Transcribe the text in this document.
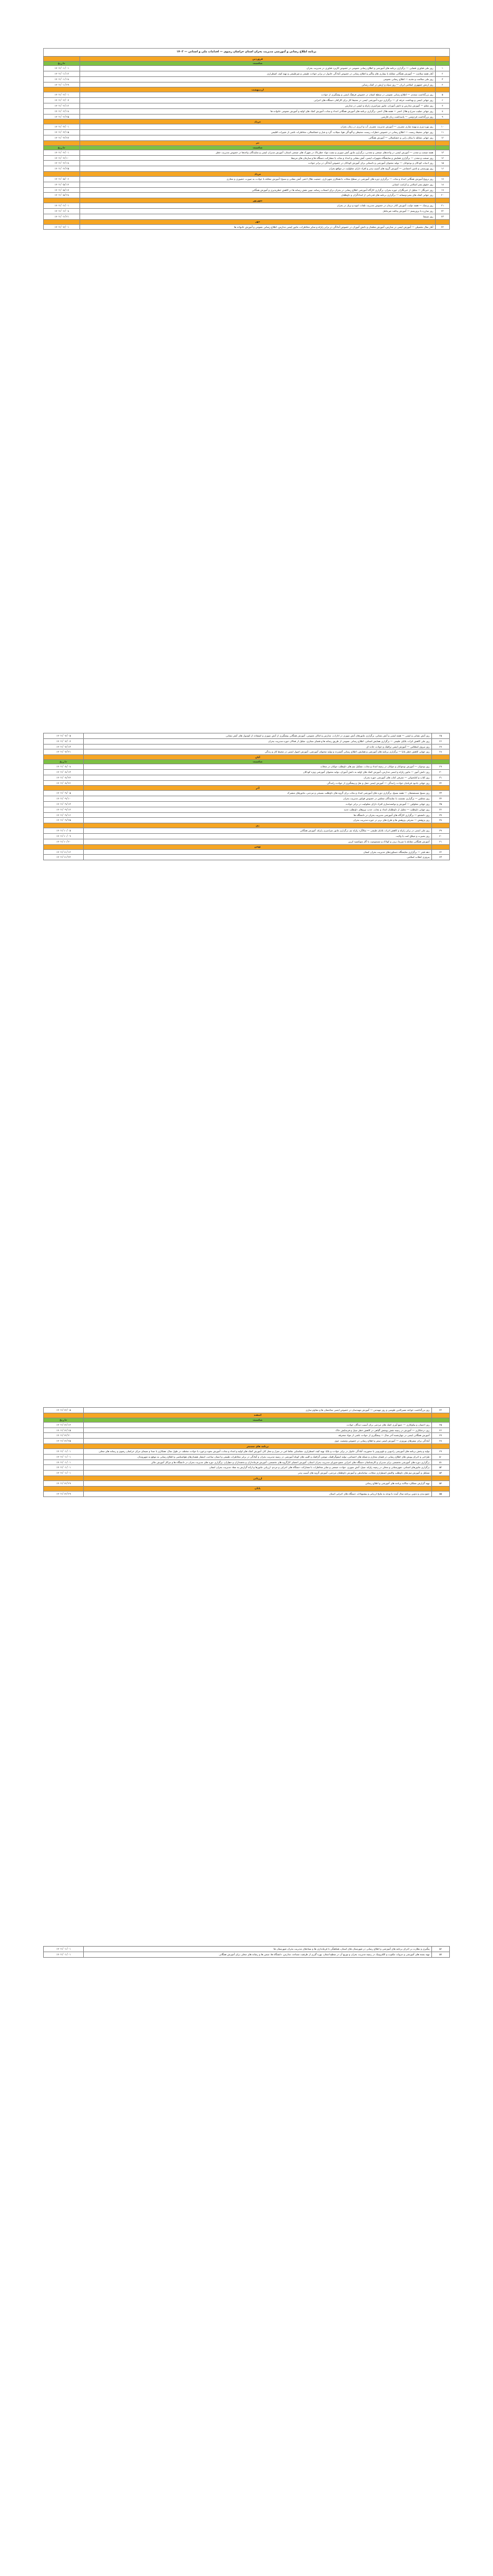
برنامه اطلاع رسانی و آموزشی مدیریت بحران استان خراسان رضوی — اقدامات ملی و استانی — ۱۴۰۲
	فروردین	
	مناسبت	تاریخ
۱	روز ملی فناوری فضایی — برگزاری برنامه های آموزشی و اطلاع رسانی عمومی در خصوص کاربرد فناوری در مدیریت بحران	۱۴۰۲/۰۱/۰۱
۲	آغاز هفته سلامت — آموزش همگانی مقابله با بیماری های واگیر و اطلاع رسانی در خصوص آمادگی خانوار در برابر حوادث طبیعی و غیرطبیعی و تهیه کیف اضطراری	۱۴۰۲/۰۱/۱۲
۳	روز ملی سلامت و تغذیه — اطلاع رسانی عمومی	۱۴۰۲/۰۱/۱۸
۴	روز ارتش جمهوری اسلامی ایران — روز سپاه و ارتش در کمک رسانی	۱۴۰۲/۰۱/۲۹
	اردیبهشت	
۵	روز بزرگداشت سعدی — اطلاع رسانی عمومی در سطح استان در خصوص فرهنگ ایمنی و پیشگیری از حوادث	۱۴۰۲/۰۲/۰۱
۶	روز جهانی ایمنی و بهداشت حرفه ای — برگزاری دوره آموزشی ایمنی در محیط کار برای کارکنان دستگاه های اجرایی	۱۴۰۲/۰۲/۰۷
۷	روز معلم — آموزش مدارس و دانش آموزان، مانور سراسری زلزله و ایمنی در مدارس	۱۴۰۲/۰۲/۱۲
۸	روز جهانی صلیب سرخ و هلال احمر — هفته هلال احمر، برگزاری برنامه های آموزش همگانی امداد و نجات، آموزش کمک های اولیه و آموزش عمومی خانواده ها	۱۴۰۲/۰۲/۱۸
۹	روز بزرگداشت فردوسی — پاسداشت زبان فارسی	۱۴۰۲/۰۲/۲۵
	خرداد	
۱۰	روز بهره وری و بهینه سازی مصرف — آموزش مدیریت مصرف آب و انرژی در زمان بحران	۱۴۰۲/۰۳/۰۱
۱۱	روز جهانی محیط زیست — اطلاع رسانی در خصوص خطرات زیست محیطی و آلودگی هوا، سیلاب، گرد و غبار و خشکسالی، مخاطرات ناشی از تغییرات اقلیمی	۱۴۰۲/۰۳/۱۵
۱۲	روز جهانی مقابله با بیابان زایی و خشکسالی — آموزش همگانی	۱۴۰۲/۰۳/۲۷
	تیر	
	مناسبت	تاریخ
۱۳	هفته صنعت و معدن — آموزش ایمنی در واحدهای صنعتی و معدنی، برگزاری مانور آتش سوزی و نشت مواد خطرناک در شهرک های صنعتی استان، آموزش مدیران ایمنی و نمایندگان واحدها در خصوص مدیریت خطر	۱۴۰۲/۰۴/۰۱
۱۴	روز صنعت و معدن — برگزاری همایش و نمایشگاه تجهیزات ایمنی، آتش نشانی و امداد و نجات با مشارکت دستگاه ها و سازمان های مرتبط	۱۴۰۲/۰۴/۱۰
۱۵	روز ادبیات کودکان و نوجوانان — تولید محتوای آموزشی و داستانی برای آموزش کودکان در خصوص آمادگی در برابر حوادث	۱۴۰۲/۰۴/۱۸
۱۶	روز بهزیستی و تامین اجتماعی — آموزش گروه های آسیب پذیر و افراد دارای معلولیت در مواقع بحران	۱۴۰۲/۰۴/۲۵
	مرداد	
۱۷	روز ترویج آموزش همگانی امداد و نجات — برگزاری دوره های آموزشی در سطح محلات با همکاری شهرداری، جمعیت هلال احمر، آتش نشانی و بسیج؛ آموزش مقابله با حوادث به صورت حضوری و مجازی	۱۴۰۲/۰۵/۰۶
۱۸	روز حقوق بشر اسلامی و کرامت انسانی	۱۴۰۲/۰۵/۱۴
۱۹	روز خبرنگار — تجلیل از خبرنگاران حوزه بحران، برگزاری کارگاه آموزشی اطلاع رسانی در بحران برای اصحاب رسانه، تبیین نقش رسانه ها در کاهش خطرپذیری و آموزش همگانی	۱۴۰۲/۰۵/۱۷
۲۰	روز جهانی کمک های بشردوستانه — برگزاری برنامه های قدردانی از امدادگران و داوطلبان	۱۴۰۲/۰۵/۲۸
	شهریور	
۲۱	روز پزشک — هفته دولت، آموزش کادر درمان در خصوص مدیریت تلفات انبوه و تریاژ در بحران	۱۴۰۲/۰۶/۰۱
۲۲	روز مبارزه با تروریسم — آموزش پدافند غیرعامل	۱۴۰۲/۰۶/۰۸
۲۳	روز سینما	۱۴۰۲/۰۶/۲۱
	مهر	
۲۴	آغاز سال تحصیلی — آموزش ایمنی در مدارس، آموزش معلمان و دانش آموزان در خصوص آمادگی در برابر زلزله و سایر مخاطرات، مانور ایمنی مدارس، اطلاع رسانی عمومی و آموزش خانواده ها	۱۴۰۲/۰۷/۰۱
۲۵	روز آتش نشانی و ایمنی — هفته ایمنی و آتش نشانی، برگزاری مانورهای آتش سوزی در ادارات، مدارس و اماکن عمومی، آموزش همگانی پیشگیری از آتش سوزی و استفاده از کپسول های آتش نشانی	۱۴۰۲/۰۷/۰۵
۲۶	روز ملی کاهش اثرات بلایای طبیعی — برگزاری همایش استانی، اطلاع رسانی عمومی از طریق رسانه ها و فضای مجازی، تجلیل از فعالان حوزه مدیریت بحران	۱۴۰۲/۰۷/۰۷
۲۷	روز نیروی انتظامی — آموزش ایمنی ترافیک و حوادث جاده ای	۱۴۰۲/۰۷/۱۳
۲۸	روز جهانی کاهش خطر بلایا — برگزاری برنامه های آموزشی و همایش، اطلاع رسانی گسترده و تولید محتوای آموزشی، آموزش اصول ایمنی در محیط کار و زندگی	۱۴۰۲/۰۷/۲۱
	آبان	
	مناسبت	تاریخ
۲۹	روز نوجوان — آموزش نوجوانان و جوانان در زمینه امداد و نجات، تشکیل تیم های داوطلب جوانان در محلات	۱۴۰۲/۰۸/۰۸
۳۰	روز دانش آموز — مانور زلزله و ایمنی مدارس، آموزش کمک های اولیه به دانش آموزان، تولید محتوای آموزشی ویژه کودکان	۱۴۰۲/۰۸/۱۳
۳۱	روز کتاب و کتابخوانی — معرفی کتاب های آموزشی حوزه بحران	۱۴۰۲/۰۸/۲۴
۳۲	روز جهانی یادبود قربانیان حوادث رانندگی — آموزش ایمنی حمل و نقل و پیشگیری از حوادث رانندگی	۱۴۰۲/۰۸/۲۶
	آذر	
۳۳	روز بسیج مستضعفان — هفته بسیج، برگزاری دوره های آموزشی امداد و نجات برای گروه های داوطلب بسیجی و مردمی، مانورهای مشترک	۱۴۰۲/۰۹/۰۵
۳۴	روز مجلس — برگزاری نشست با نمایندگان مجلس در خصوص قوانین مدیریت بحران	۱۴۰۲/۰۹/۱۰
۳۵	روز جهانی معلولین — آموزش و توانمندسازی افراد دارای معلولیت در برابر حوادث	۱۴۰۲/۰۹/۱۳
۳۶	روز جهانی داوطلب — تجلیل از داوطلبان امداد و نجات، جذب نیروهای داوطلب جدید	۱۴۰۲/۰۹/۱۴
۳۷	روز دانشجو — برگزاری کارگاه های آموزشی مدیریت بحران در دانشگاه ها	۱۴۰۲/۰۹/۱۶
۳۸	روز پژوهش — معرفی پژوهش ها و طرح های برتر در حوزه مدیریت بحران	۱۴۰۲/۰۹/۲۵
	دی	
۳۹	روز ملی ایمنی در برابر زلزله و کاهش اثرات بلایای طبیعی — سالگرد زلزله بم، برگزاری مانور سراسری زلزله، آموزش همگانی	۱۴۰۲/۱۰/۰۵
۴۰	روز بصیرت و میثاق امت با ولایت	۱۴۰۲/۱۰/۰۹
۴۱	آموزش همگانی مقابله با سرما، برف و کولاک و مسمومیت با گاز منوکسید کربن	۱۴۰۲/۱۰/۲۰
	بهمن	
۴۲	دهه فجر — برگزاری نمایشگاه دستاوردهای مدیریت بحران استان	۱۴۰۲/۱۱/۱۲
۴۳	پیروزی انقلاب اسلامی	۱۴۰۲/۱۱/۲۲
۴۴	روز بزرگداشت خواجه نصیرالدین طوسی و روز مهندس — آموزش مهندسان در خصوص ایمنی ساختمان ها و مقاوم سازی	۱۴۰۲/۱۲/۰۵
	اسفند	
	مناسبت	تاریخ
۴۵	روز احسان و نیکوکاری — جمع آوری کمک های مردمی برای آسیب دیدگان حوادث	۱۴۰۲/۱۲/۱۴
۴۶	روز درختکاری — آموزش در زمینه نقش پوشش گیاهی در کاهش خطر سیل و فرسایش خاک	۱۴۰۲/۱۲/۱۵
۴۷	آموزش همگانی ایمنی در چهارشنبه آخر سال — پیشگیری از حوادث ناشی از مواد محترقه	۱۴۰۲/۱۲/۲۰
۴۸	آمادگی برای سفرهای نوروزی — آموزش ایمنی سفر و اطلاع رسانی در خصوص وضعیت جوی	۱۴۰۲/۱۲/۲۵
	برنامه های مستمر	
۴۹	تولید و پخش برنامه های آموزشی رادیویی و تلویزیونی با محوریت آمادگی خانوار در برابر حوادث و بلایا، تهیه کیف اضطراری، شناسایی نقاط امن در منزل و محل کار، آموزش کمک های اولیه و امداد و نجات، آموزش نحوه برخورد با حوادث مختلف در طول سال، همکاری با صدا و سیمای مرکز خراسان رضوی و رسانه های محلی	۱۴۰۲/۰۱/۰۱
۵۰	طراحی و اجرای پویش های اطلاع رسانی در فضای مجازی و شبکه های اجتماعی، تولید اینفوگرافیک، موشن گرافیک و کلیپ های کوتاه آموزشی در زمینه مدیریت بحران و آمادگی در برابر مخاطرات طبیعی و انسان ساخت، انتشار هشدارهای هواشناسی و اطلاع رسانی به موقع به شهروندان	۱۴۰۲/۰۱/۰۱
۵۱	برگزاری دوره های آموزشی تخصصی برای مدیران و کارشناسان دستگاه های اجرایی عضو شورای مدیریت بحران استان، آموزش اعضای کارگروه های تخصصی، آموزش فرمانداران و بخشداران و دهیاران، برگزاری دوره های مدیریت بحران در دانشگاه ها و مراکز آموزش عالی	۱۴۰۲/۰۱/۰۱
۵۲	برگزاری مانورهای استانی، شهرستانی و محلی در زمینه زلزله، سیل، آتش سوزی، حوادث صنعتی و سایر مخاطرات با مشارکت دستگاه های اجرایی و مردم، ارزیابی مانورها و ارائه گزارش به ستاد مدیریت بحران استان	۱۴۰۲/۰۱/۰۱
۵۳	تشکیل و آموزش تیم های داوطلب واکنش اضطراری محلات، ساماندهی و آموزش داوطلبان مردمی، آموزش گروه های آسیب پذیر	۱۴۰۲/۰۱/۰۱
	ارزیابی	
۵۴	تهیه گزارش عملکرد سالانه برنامه های آموزشی و اطلاع رسانی	۱۴۰۲/۱۲/۲۹
	پایان	
۵۵	جمع بندی و تدوین برنامه سال آینده با توجه به نتایج ارزیابی و پیشنهادات دستگاه های اجرایی استان	۱۴۰۲/۱۲/۲۹
۵۶	پیگیری و نظارت بر اجرای برنامه های آموزشی و اطلاع رسانی در شهرستان های استان، هماهنگی با فرمانداری ها و ستادهای مدیریت بحران شهرستان ها	۱۴۰۲/۰۱/۰۱
۵۷	تهیه بسته های آموزشی و جزوات مکتوب و الکترونیک در زمینه مدیریت بحران و توزیع آن در سطح استان، بهره گیری از ظرفیت مساجد، مدارس، دانشگاه ها، سمن ها و رسانه های محلی برای آموزش همگانی	۱۴۰۲/۰۱/۰۱
